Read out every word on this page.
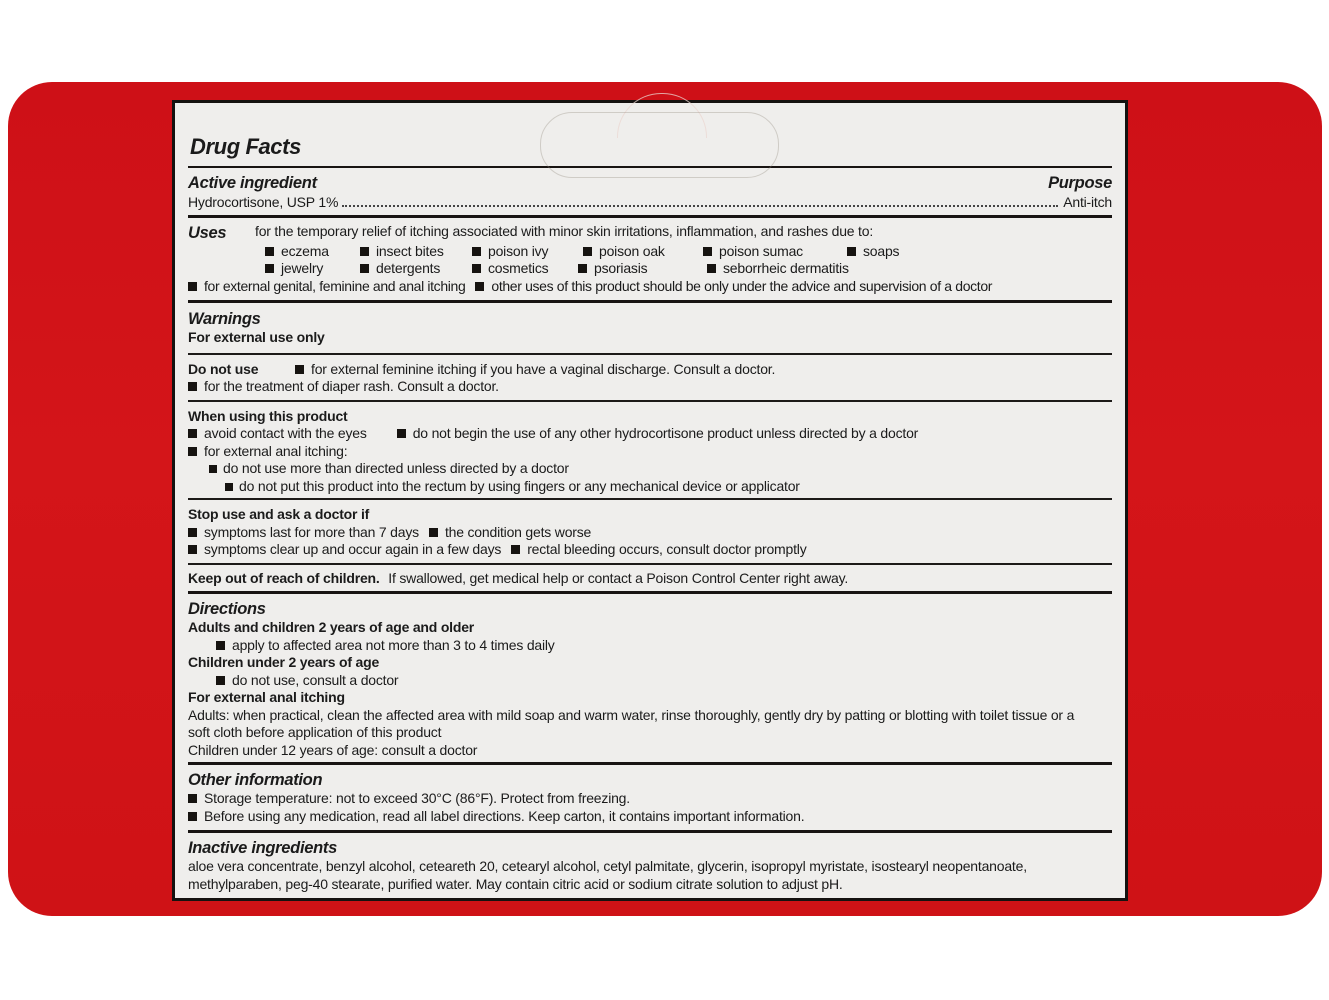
Drug Facts
Active ingredient	Purpose
Hydrocortisone, USP 1%	Anti-itch
Uses for the temporary relief of itching associated with minor skin irritations, inflammation, and rashes due to:
eczema	insect bites	poison ivy	poison oak	poison sumac	soaps
jewelry	detergents	cosmetics	psoriasis	seborrheic dermatitis
for external genital, feminine and anal itching other uses of this product should be only under the advice and supervision of a doctor
Warnings
For external use only
Do not use	for external feminine itching if you have a vaginal discharge. Consult a doctor.
for the treatment of diaper rash. Consult a doctor.
When using this product
avoid contact with the eyes	do not begin the use of any other hydrocortisone product unless directed by a doctor
for external anal itching:
do not use more than directed unless directed by a doctor
do not put this product into the rectum by using fingers or any mechanical device or applicator
Stop use and ask a doctor if
symptoms last for more than 7 days the condition gets worse
symptoms clear up and occur again in a few days rectal bleeding occurs, consult doctor promptly
Keep out of reach of children. If swallowed, get medical help or contact a Poison Control Center right away.
Directions
Adults and children 2 years of age and older
apply to affected area not more than 3 to 4 times daily
Children under 2 years of age
do not use, consult a doctor
For external anal itching
Adults: when practical, clean the affected area with mild soap and warm water, rinse thoroughly, gently dry by patting or blotting with toilet tissue or a soft cloth before application of this product
Children under 12 years of age: consult a doctor
Other information
Storage temperature: not to exceed 30°C (86°F). Protect from freezing.
Before using any medication, read all label directions. Keep carton, it contains important information.
Inactive ingredients
aloe vera concentrate, benzyl alcohol, ceteareth 20, cetearyl alcohol, cetyl palmitate, glycerin, isopropyl myristate, isostearyl neopentanoate, methylparaben, peg-40 stearate, purified water. May contain citric acid or sodium citrate solution to adjust pH.
